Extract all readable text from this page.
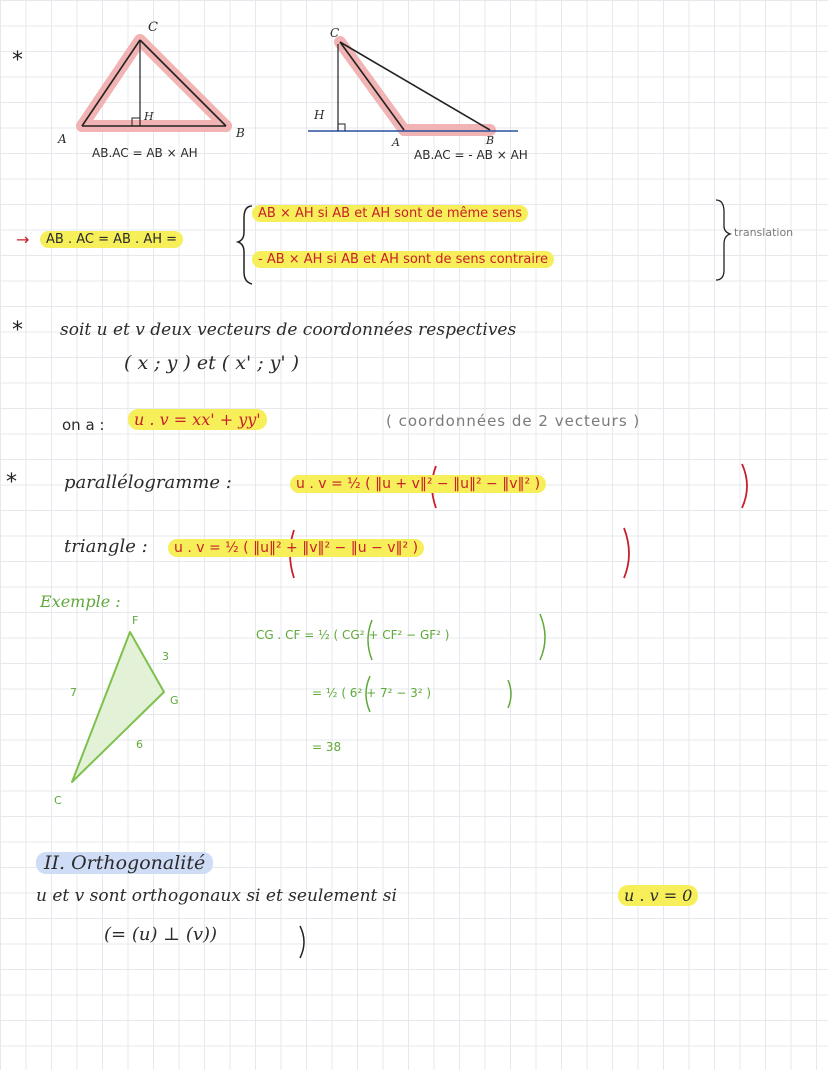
*
*
*
C
H
A	B
AB.AC = AB × AH
C
H
A	B
AB.AC = - AB × AH
→	AB . AC = AB . AH =
AB × AH si AB et AH sont de même sens
- AB × AH si AB et AH sont de sens contraire
translation
soit u et v deux vecteurs de coordonnées respectives
( x ; y ) et ( x' ; y' )
on a :	u . v = xx' + yy'	( coordonnées de 2 vecteurs )
parallélogramme :	u . v = ½ ( ‖u + v‖² − ‖u‖² − ‖v‖² )
triangle :	u . v = ½ ( ‖u‖² + ‖v‖² − ‖u − v‖² )
Exemple :
F
G
C
3
7
6
CG . CF = ½ ( CG² + CF² − GF² )
= ½ ( 6² + 7² − 3² )
= 38
II. Orthogonalité
u et v sont orthogonaux si et seulement si	u . v = 0
(= (u) ⊥ (v))
